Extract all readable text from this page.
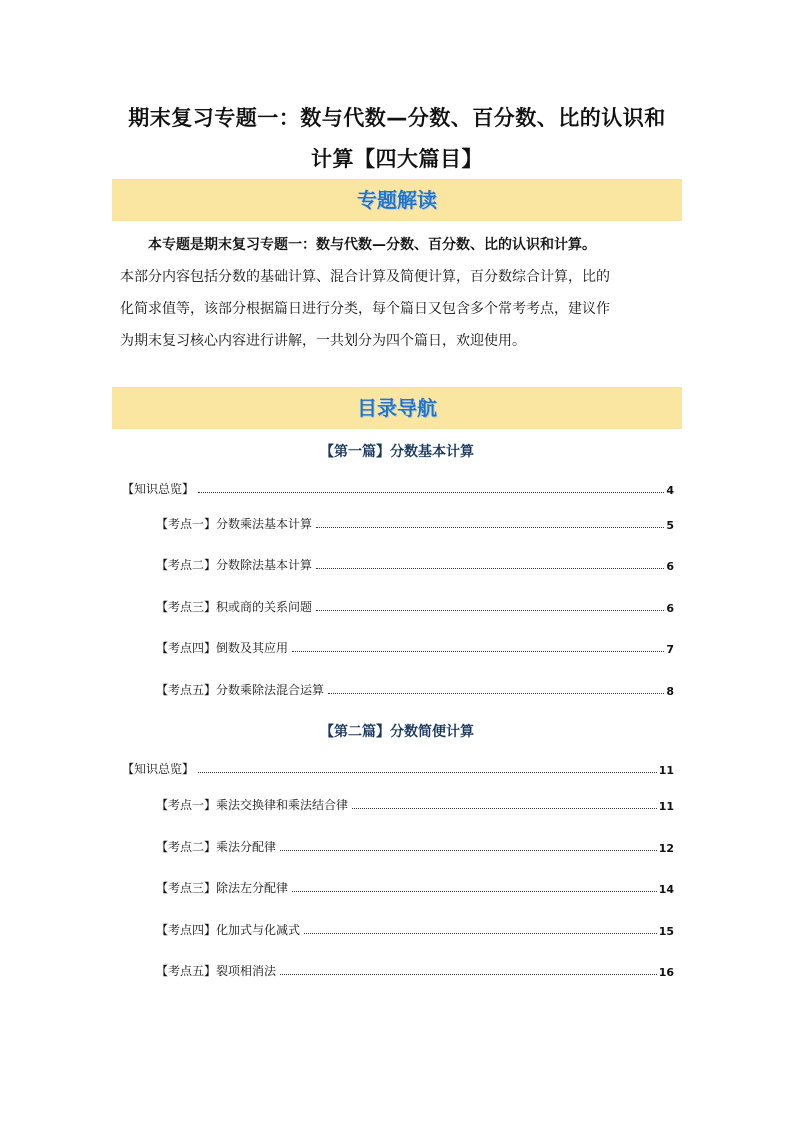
期末复习专题一：数与代数—分数、百分数、比的认识和
计算【四大篇目】
专题解读

本专题是期末复习专题一：数与代数—分数、百分数、比的认识和计算。

本部分内容包括分数的基础计算、混合计算及简便计算，百分数综合计算，比的

化简求值等，该部分根据篇日进行分类，每个篇日又包含多个常考考点，建议作

为期末复习核心内容进行讲解，一共划分为四个篇日，欢迎使用。

目录导航
【第一篇】分数基本计算
【知识总览】	4
【考点一】分数乘法基本计算	5
【考点二】分数除法基本计算	6
【考点三】积或商的关系问题	6
【考点四】倒数及其应用	7
【考点五】分数乘除法混合运算	8
【第二篇】分数简便计算
【知识总览】	11
【考点一】乘法交换律和乘法结合律	11
【考点二】乘法分配律	12
【考点三】除法左分配律	14
【考点四】化加式与化减式	15
【考点五】裂项相消法	16
